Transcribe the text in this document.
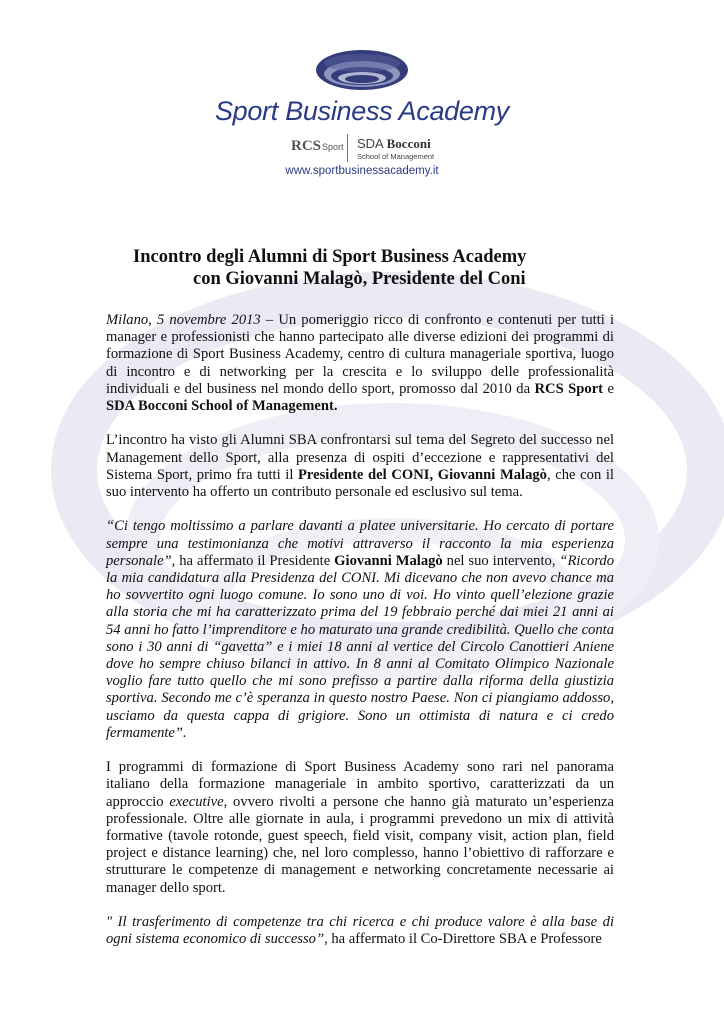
Sport Business Academy
RCSSport SDA Bocconi
School of Management
www.sportbusinessacademy.it
Incontro degli Alumni di Sport Business Academy
con Giovanni Malagò, Presidente del Coni

Milano, 5 novembre 2013 – Un pomeriggio ricco di confronto e contenuti per tutti i manager e professionisti che hanno partecipato alle diverse edizioni dei programmi di formazione di Sport Business Academy, centro di cultura manageriale sportiva, luogo di incontro e di networking per la crescita e lo sviluppo delle professionalità individuali e del business nel mondo dello sport, promosso dal 2010 da RCS Sport e SDA Bocconi School of Management.

L’incontro ha visto gli Alumni SBA confrontarsi sul tema del Segreto del successo nel Management dello Sport, alla presenza di ospiti d’eccezione e rappresentativi del Sistema Sport, primo fra tutti il Presidente del CONI, Giovanni Malagò, che con il suo intervento ha offerto un contributo personale ed esclusivo sul tema.

“Ci tengo moltissimo a parlare davanti a platee universitarie. Ho cercato di portare sempre una testimonianza che motivi attraverso il racconto la mia esperienza personale”, ha affermato il Presidente Giovanni Malagò nel suo intervento, “Ricordo la mia candidatura alla Presidenza del CONI. Mi dicevano che non avevo chance ma ho sovvertito ogni luogo comune. Io sono uno di voi. Ho vinto quell’elezione grazie alla storia che mi ha caratterizzato prima del 19 febbraio perché dai miei 21 anni ai 54 anni ho fatto l’imprenditore e ho maturato una grande credibilità. Quello che conta sono i 30 anni di “gavetta” e i miei 18 anni al vertice del Circolo Canottieri Aniene dove ho sempre chiuso bilanci in attivo. In 8 anni al Comitato Olimpico Nazionale voglio fare tutto quello che mi sono prefisso a partire dalla riforma della giustizia sportiva. Secondo me c’è speranza in questo nostro Paese. Non ci piangiamo addosso, usciamo da questa cappa di grigiore. Sono un ottimista di natura e ci credo fermamente”.

I programmi di formazione di Sport Business Academy sono rari nel panorama italiano della formazione manageriale in ambito sportivo, caratterizzati da un approccio executive, ovvero rivolti a persone che hanno già maturato un’esperienza professionale. Oltre alle giornate in aula, i programmi prevedono un mix di attività formative (tavole rotonde, guest speech, field visit, company visit, action plan, field project e distance learning) che, nel loro complesso, hanno l’obiettivo di rafforzare e strutturare le competenze di management e networking concretamente necessarie ai manager dello sport.

" Il trasferimento di competenze tra chi ricerca e chi produce valore è alla base di ogni sistema economico di successo”, ha affermato il Co-Direttore SBA e Professore
